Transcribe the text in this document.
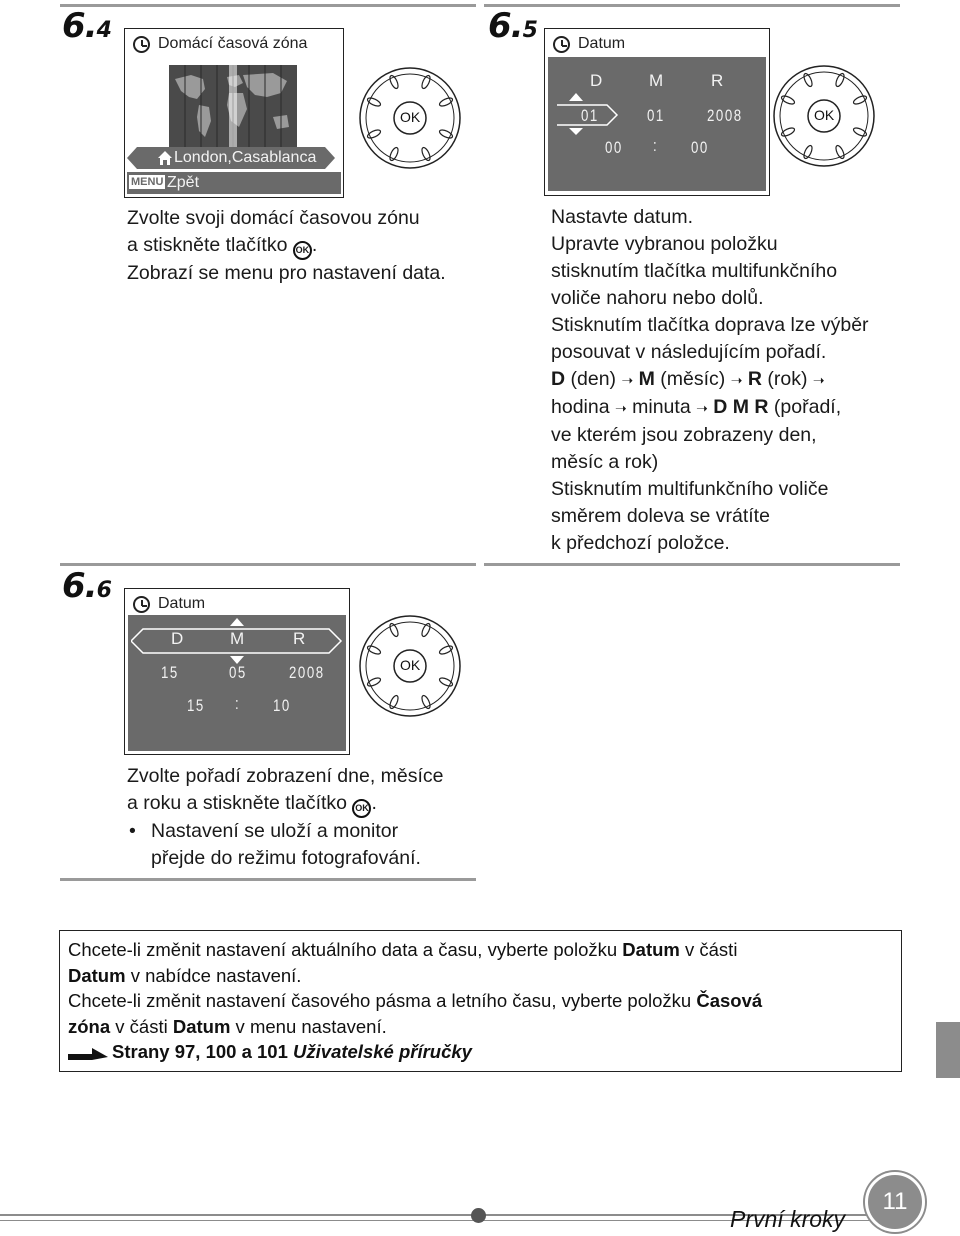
6.4
Domácí časová zóna
London,Casablanca
MENU Zpět
OK
Zvolte svoji domácí časovou zónu
a stiskněte tlačítko OK .
Zobrazí se menu pro nastavení data.
6.5
Datum
D	M	R
01	01 2008
00 : 00
OK
Nastavte datum.
Upravte vybranou položku
stisknutím tlačítka multifunkčního
voliče nahoru nebo dolů.
Stisknutím tlačítka doprava lze výběr
posouvat v následujícím pořadí.
D (den) ➝ M (měsíc) ➝ R (rok) ➝
hodina ➝ minuta ➝ D M R (pořadí,
ve kterém jsou zobrazeny den,
měsíc a rok)
Stisknutím multifunkčního voliče
směrem doleva se vrátíte
k předchozí položce.
6.6
Datum
D	M	R
15	05 2008
15 : 10
OK
Zvolte pořadí zobrazení dne, měsíce
a roku a stiskněte tlačítko OK .
• Nastavení se uloží a monitor
přejde do režimu fotografování.
Chcete-li změnit nastavení aktuálního data a času, vyberte položku Datum v části
Datum v nabídce nastavení.
Chcete-li změnit nastavení časového pásma a letního času, vyberte položku Časová
zóna v části Datum v menu nastavení.
Strany 97, 100 a 101 Uživatelské příručky
První kroky
11
